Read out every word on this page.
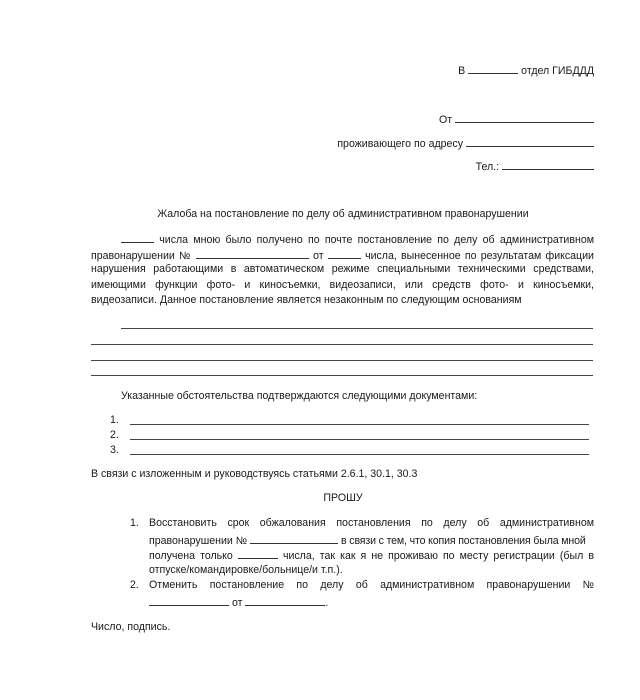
В	отдел ГИБДДД
От
проживающего по адресу
Тел.:
Жалоба на постановление по делу об административном правонарушении
числа мною было получено по почте постановление по делу об административном
правонарушении №	от	числа, вынесенное по результатам фиксации
нарушения работающими в автоматическом режиме специальными техническими средствами,
имеющими функции фото- и киносъемки, видеозаписи, или средств фото- и киносъемки,
видеозаписи. Данное постановление является незаконным по следующим основаниям
Указанные обстоятельства подтверждаются следующими документами:
1.
2.
3.
В связи с изложенным и руководствуясь статьями 2.6.1, 30.1, 30.3
ПРОШУ
1. Восстановить срок обжалования постановления по делу об административном
правонарушении №	в связи с тем, что копия постановления была мной
получена только	числа, так как я не проживаю по месту регистрации (был в
отпуске/командировке/больнице/и т.п.).
2. Отменить постановление по делу об административном правонарушении №
от	.
Число, подпись.
